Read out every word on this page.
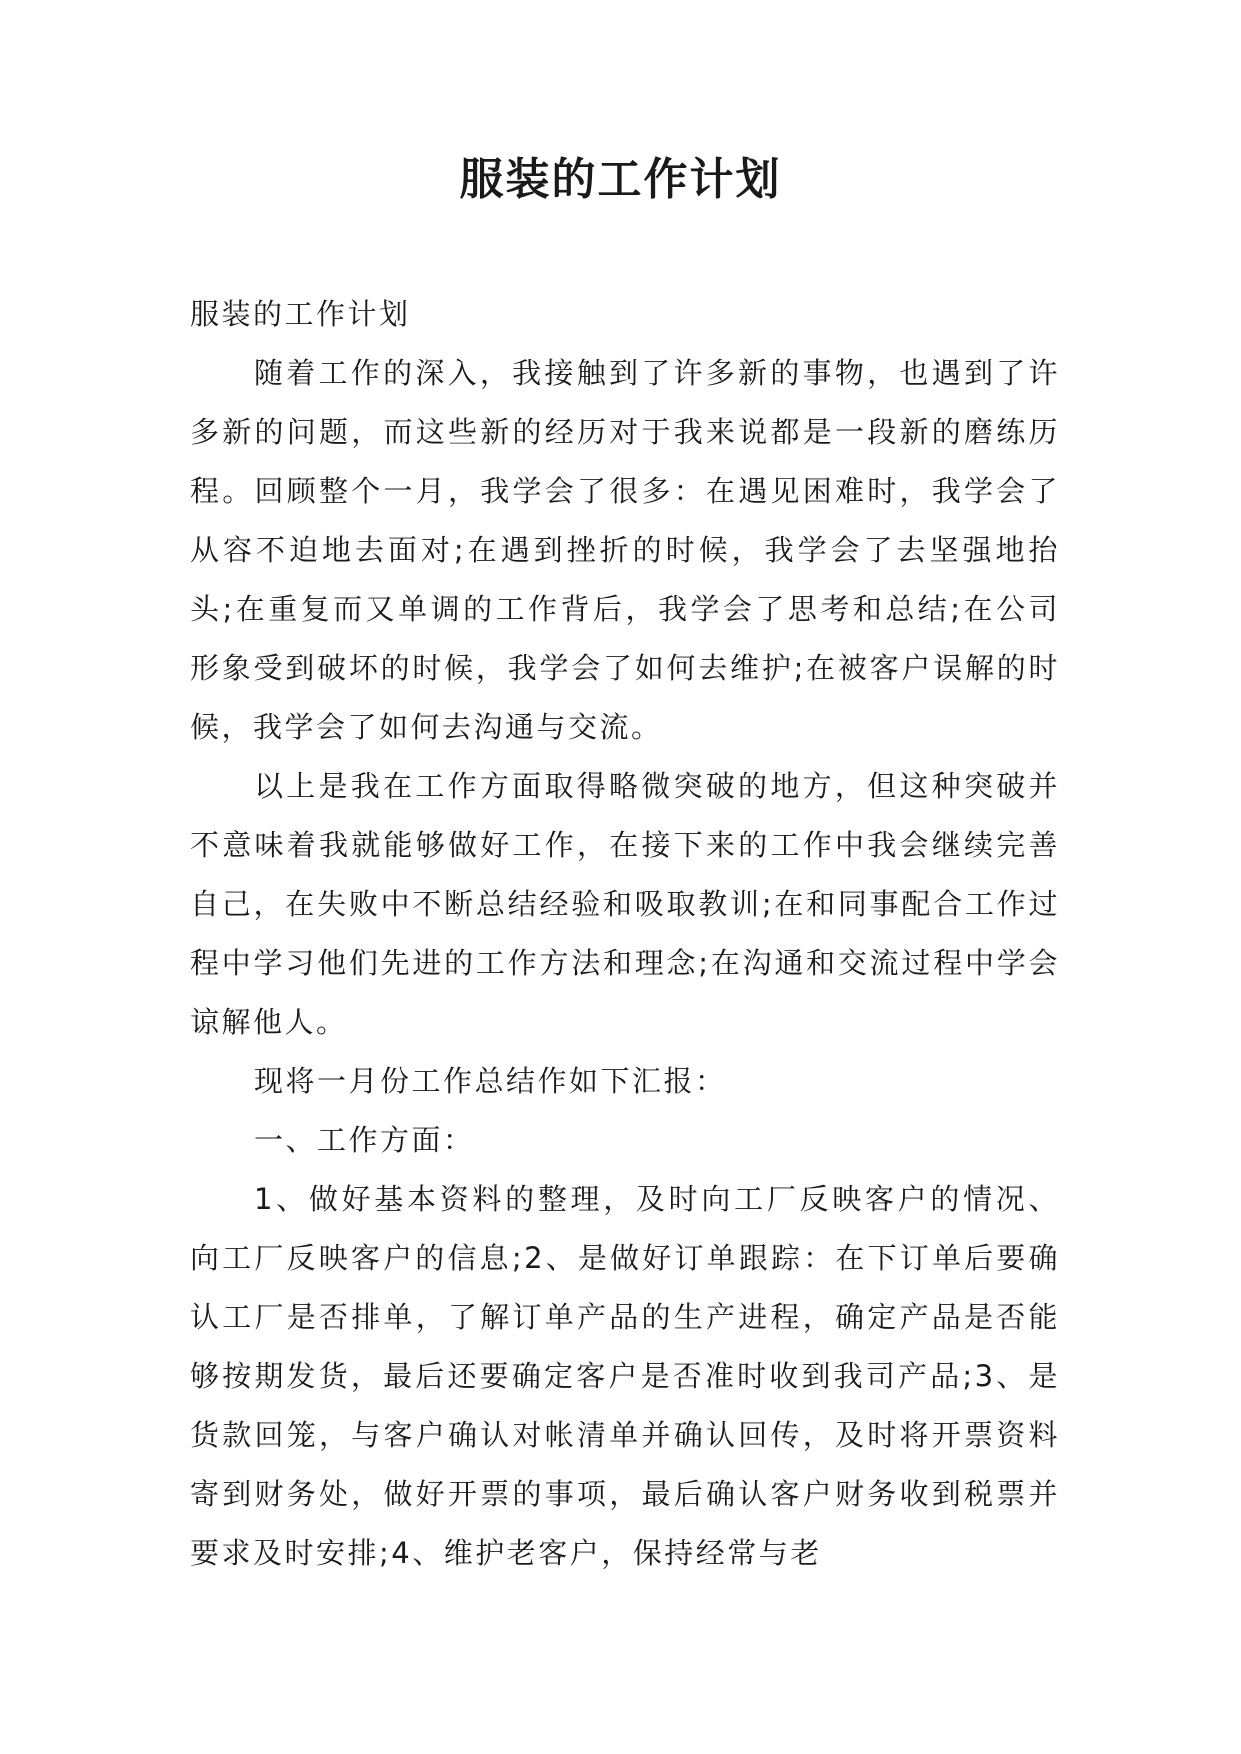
服装的工作计划

服装的工作计划

随着工作的深入，我接触到了许多新的事物，也遇到了许多新的问题，而这些新的经历对于我来说都是一段新的磨练历程。回顾整个一月，我学会了很多：在遇见困难时，我学会了从容不迫地去面对;在遇到挫折的时候，我学会了去坚强地抬头;在重复而又单调的工作背后，我学会了思考和总结;在公司形象受到破坏的时候，我学会了如何去维护;在被客户误解的时候，我学会了如何去沟通与交流。

以上是我在工作方面取得略微突破的地方，但这种突破并不意味着我就能够做好工作，在接下来的工作中我会继续完善自己，在失败中不断总结经验和吸取教训;在和同事配合工作过程中学习他们先进的工作方法和理念;在沟通和交流过程中学会谅解他人。

现将一月份工作总结作如下汇报：

一、工作方面：

1、做好基本资料的整理，及时向工厂反映客户的情况、向工厂反映客户的信息;2、是做好订单跟踪：在下订单后要确认工厂是否排单，了解订单产品的生产进程，确定产品是否能够按期发货，最后还要确定客户是否准时收到我司产品;3、是货款回笼，与客户确认对帐清单并确认回传，及时将开票资料寄到财务处，做好开票的事项，最后确认客户财务收到税票并要求及时安排;4、维护老客户，保持经常与老
